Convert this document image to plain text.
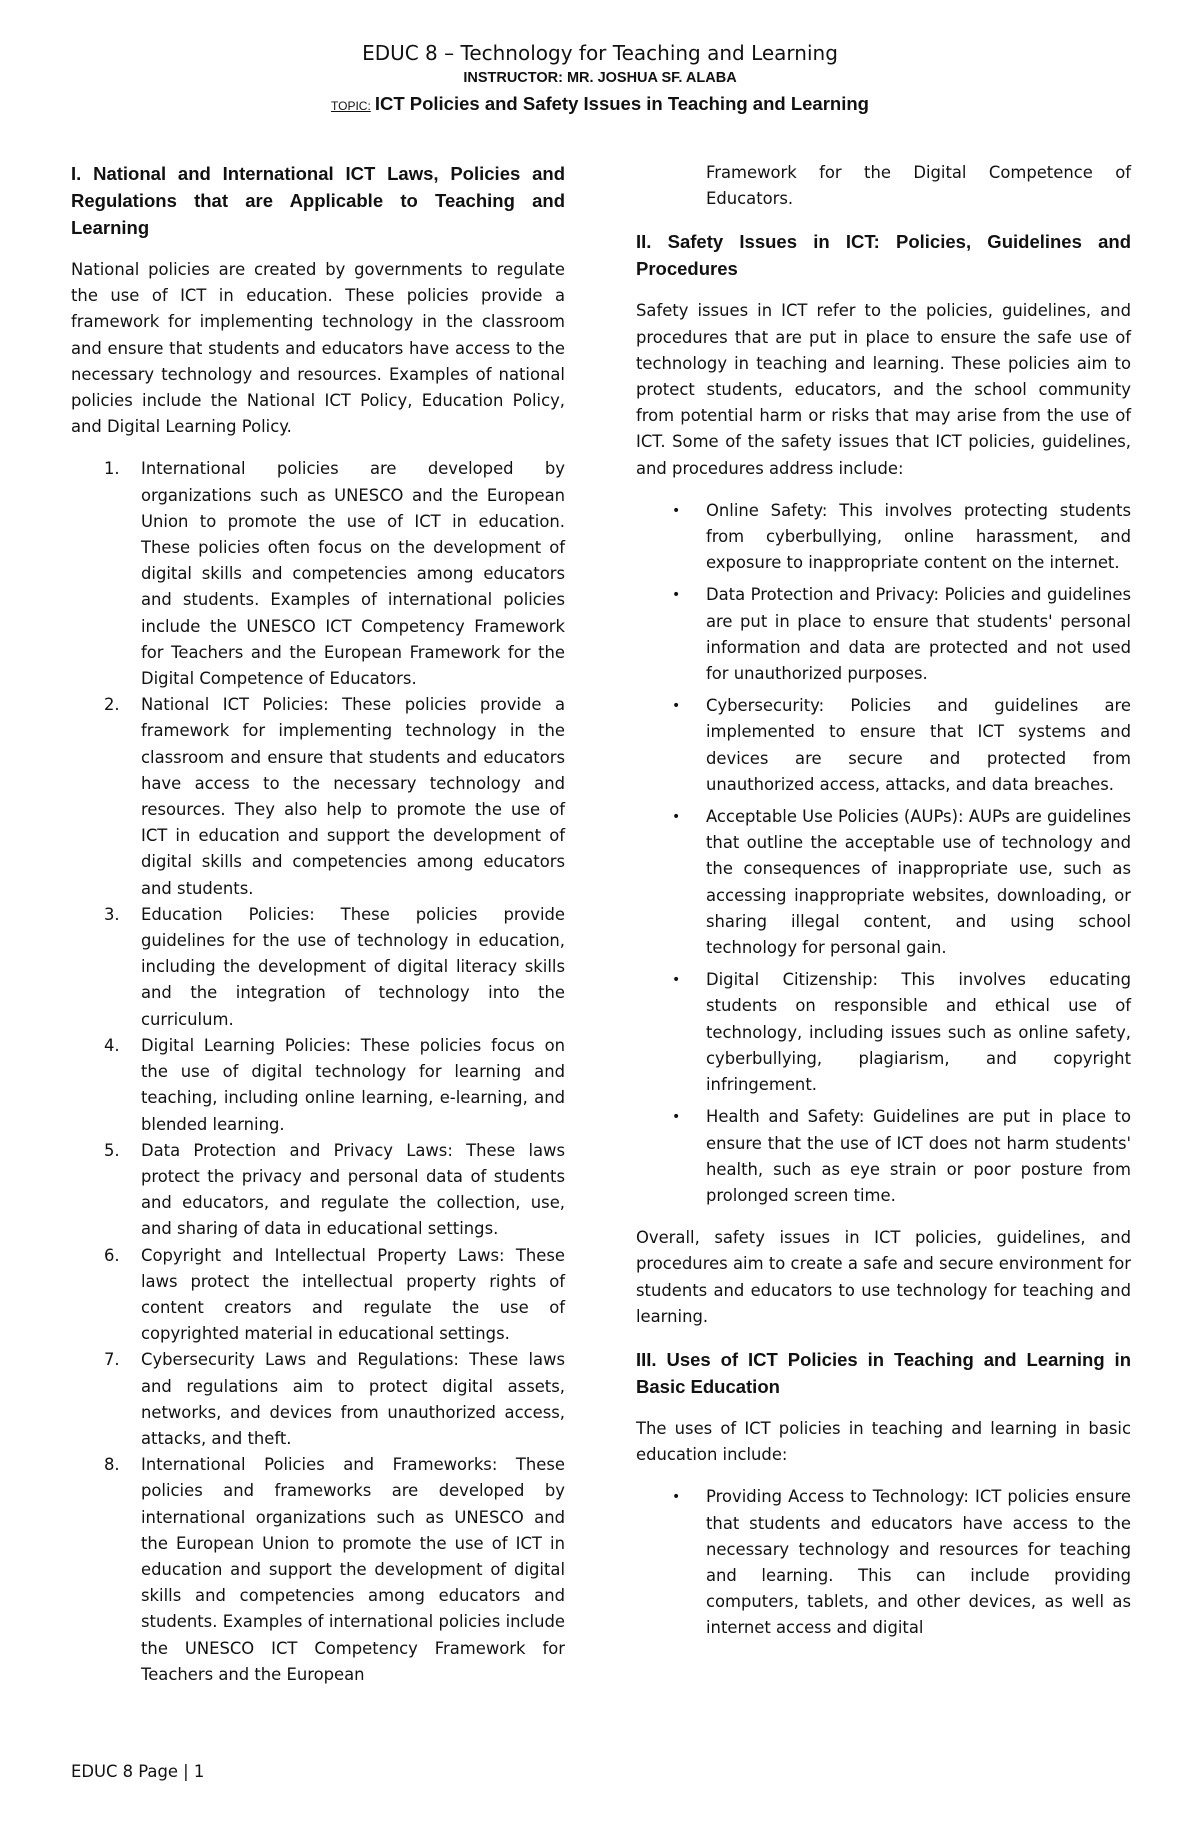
EDUC 8 – Technology for Teaching and Learning
INSTRUCTOR: MR. JOSHUA SF. ALABA
TOPIC: ICT Policies and Safety Issues in Teaching and Learning
I. National and International ICT Laws, Policies and Regulations that are Applicable to Teaching and Learning

National policies are created by governments to regulate the use of ICT in education. These policies provide a framework for implementing technology in the classroom and ensure that students and educators have access to the necessary technology and resources. Examples of national policies include the National ICT Policy, Education Policy, and Digital Learning Policy.

1. International policies are developed by organizations such as UNESCO and the European Union to promote the use of ICT in education. These policies often focus on the development of digital skills and competencies among educators and students. Examples of international policies include the UNESCO ICT Competency Framework for Teachers and the European Framework for the Digital Competence of Educators.
2. National ICT Policies: These policies provide a framework for implementing technology in the classroom and ensure that students and educators have access to the necessary technology and resources. They also help to promote the use of ICT in education and support the development of digital skills and competencies among educators and students.
3. Education Policies: These policies provide guidelines for the use of technology in education, including the development of digital literacy skills and the integration of technology into the curriculum.
4. Digital Learning Policies: These policies focus on the use of digital technology for learning and teaching, including online learning, e-learning, and blended learning.
5. Data Protection and Privacy Laws: These laws protect the privacy and personal data of students and educators, and regulate the collection, use, and sharing of data in educational settings.
6. Copyright and Intellectual Property Laws: These laws protect the intellectual property rights of content creators and regulate the use of copyrighted material in educational settings.
7. Cybersecurity Laws and Regulations: These laws and regulations aim to protect digital assets, networks, and devices from unauthorized access, attacks, and theft.
8. International Policies and Frameworks: These policies and frameworks are developed by international organizations such as UNESCO and the European Union to promote the use of ICT in education and support the development of digital skills and competencies among educators and students. Examples of international policies include the UNESCO ICT Competency Framework for Teachers and the European

Framework for the Digital Competence of Educators.

II. Safety Issues in ICT: Policies, Guidelines and Procedures

Safety issues in ICT refer to the policies, guidelines, and procedures that are put in place to ensure the safe use of technology in teaching and learning. These policies aim to protect students, educators, and the school community from potential harm or risks that may arise from the use of ICT. Some of the safety issues that ICT policies, guidelines, and procedures address include:

• Online Safety: This involves protecting students from cyberbullying, online harassment, and exposure to inappropriate content on the internet.
• Data Protection and Privacy: Policies and guidelines are put in place to ensure that students' personal information and data are protected and not used for unauthorized purposes.
• Cybersecurity: Policies and guidelines are implemented to ensure that ICT systems and devices are secure and protected from unauthorized access, attacks, and data breaches.
• Acceptable Use Policies (AUPs): AUPs are guidelines that outline the acceptable use of technology and the consequences of inappropriate use, such as accessing inappropriate websites, downloading, or sharing illegal content, and using school technology for personal gain.
• Digital Citizenship: This involves educating students on responsible and ethical use of technology, including issues such as online safety, cyberbullying, plagiarism, and copyright infringement.
• Health and Safety: Guidelines are put in place to ensure that the use of ICT does not harm students' health, such as eye strain or poor posture from prolonged screen time.

Overall, safety issues in ICT policies, guidelines, and procedures aim to create a safe and secure environment for students and educators to use technology for teaching and learning.

III. Uses of ICT Policies in Teaching and Learning in Basic Education

The uses of ICT policies in teaching and learning in basic education include:

• Providing Access to Technology: ICT policies ensure that students and educators have access to the necessary technology and resources for teaching and learning. This can include providing computers, tablets, and other devices, as well as internet access and digital
EDUC 8 Page | 1
